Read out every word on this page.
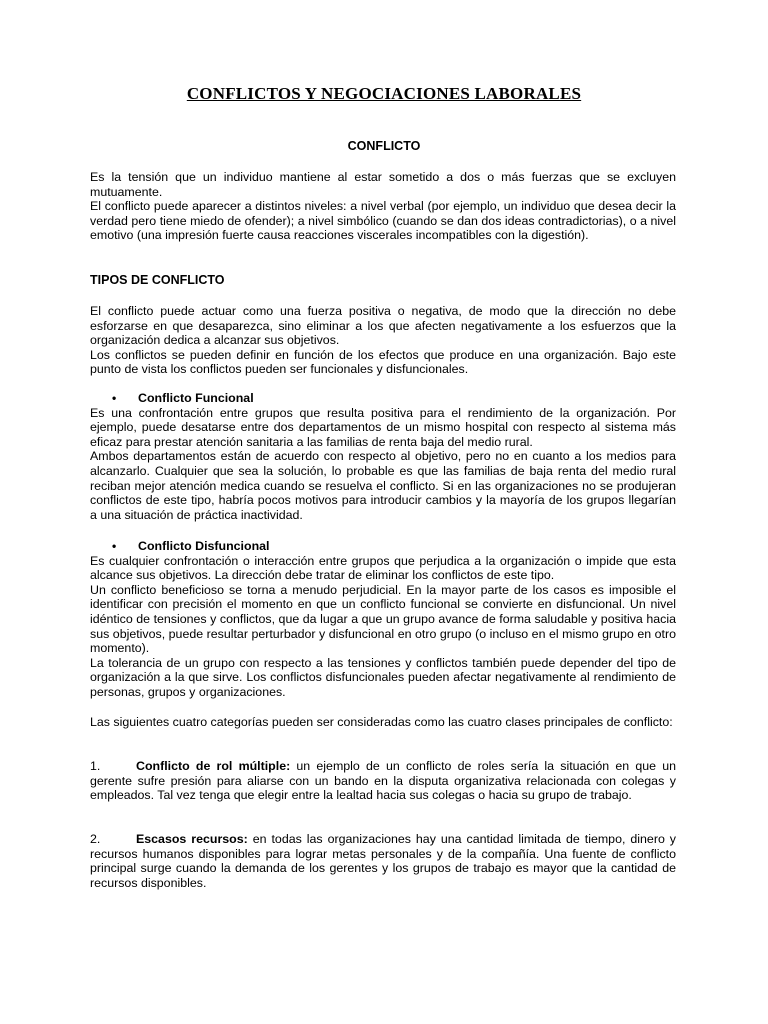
CONFLICTOS Y NEGOCIACIONES LABORALES
CONFLICTO

Es la tensión que un individuo mantiene al estar sometido a dos o más fuerzas que se excluyen mutuamente.

El conflicto puede aparecer a distintos niveles: a nivel verbal (por ejemplo, un individuo que desea decir la verdad pero tiene miedo de ofender); a nivel simbólico (cuando se dan dos ideas contradictorias), o a nivel emotivo (una impresión fuerte causa reacciones viscerales incompatibles con la digestión).

TIPOS DE CONFLICTO

El conflicto puede actuar como una fuerza positiva o negativa, de modo que la dirección no debe esforzarse en que desaparezca, sino eliminar a los que afecten negativamente a los esfuerzos que la organización dedica a alcanzar sus objetivos.

Los conflictos se pueden definir en función de los efectos que produce en una organización. Bajo este punto de vista los conflictos pueden ser funcionales y disfuncionales.

•	Conflicto Funcional

Es una confrontación entre grupos que resulta positiva para el rendimiento de la organización. Por ejemplo, puede desatarse entre dos departamentos de un mismo hospital con respecto al sistema más eficaz para prestar atención sanitaria a las familias de renta baja del medio rural.

Ambos departamentos están de acuerdo con respecto al objetivo, pero no en cuanto a los medios para alcanzarlo. Cualquier que sea la solución, lo probable es que las familias de baja renta del medio rural reciban mejor atención medica cuando se resuelva el conflicto. Si en las organizaciones no se produjeran conflictos de este tipo, habría pocos motivos para introducir cambios y la mayoría de los grupos llegarían a una situación de práctica inactividad.

•	Conflicto Disfuncional

Es cualquier confrontación o interacción entre grupos que perjudica a la organización o impide que esta alcance sus objetivos. La dirección debe tratar de eliminar los conflictos de este tipo.

Un conflicto beneficioso se torna a menudo perjudicial. En la mayor parte de los casos es imposible el identificar con precisión el momento en que un conflicto funcional se convierte en disfuncional. Un nivel idéntico de tensiones y conflictos, que da lugar a que un grupo avance de forma saludable y positiva hacia sus objetivos, puede resultar perturbador y disfuncional en otro grupo (o incluso en el mismo grupo en otro momento).

La tolerancia de un grupo con respecto a las tensiones y conflictos también puede depender del tipo de organización a la que sirve. Los conflictos disfuncionales pueden afectar negativamente al rendimiento de personas, grupos y organizaciones.

Las siguientes cuatro categorías pueden ser consideradas como las cuatro clases principales de conflicto:

1.	Conflicto de rol múltiple: un ejemplo de un conflicto de roles sería la situación en que un gerente sufre presión para aliarse con un bando en la disputa organizativa relacionada con colegas y empleados. Tal vez tenga que elegir entre la lealtad hacia sus colegas o hacia su grupo de trabajo.

2.	Escasos recursos: en todas las organizaciones hay una cantidad limitada de tiempo, dinero y recursos humanos disponibles para lograr metas personales y de la compañía. Una fuente de conflicto principal surge cuando la demanda de los gerentes y los grupos de trabajo es mayor que la cantidad de recursos disponibles.
